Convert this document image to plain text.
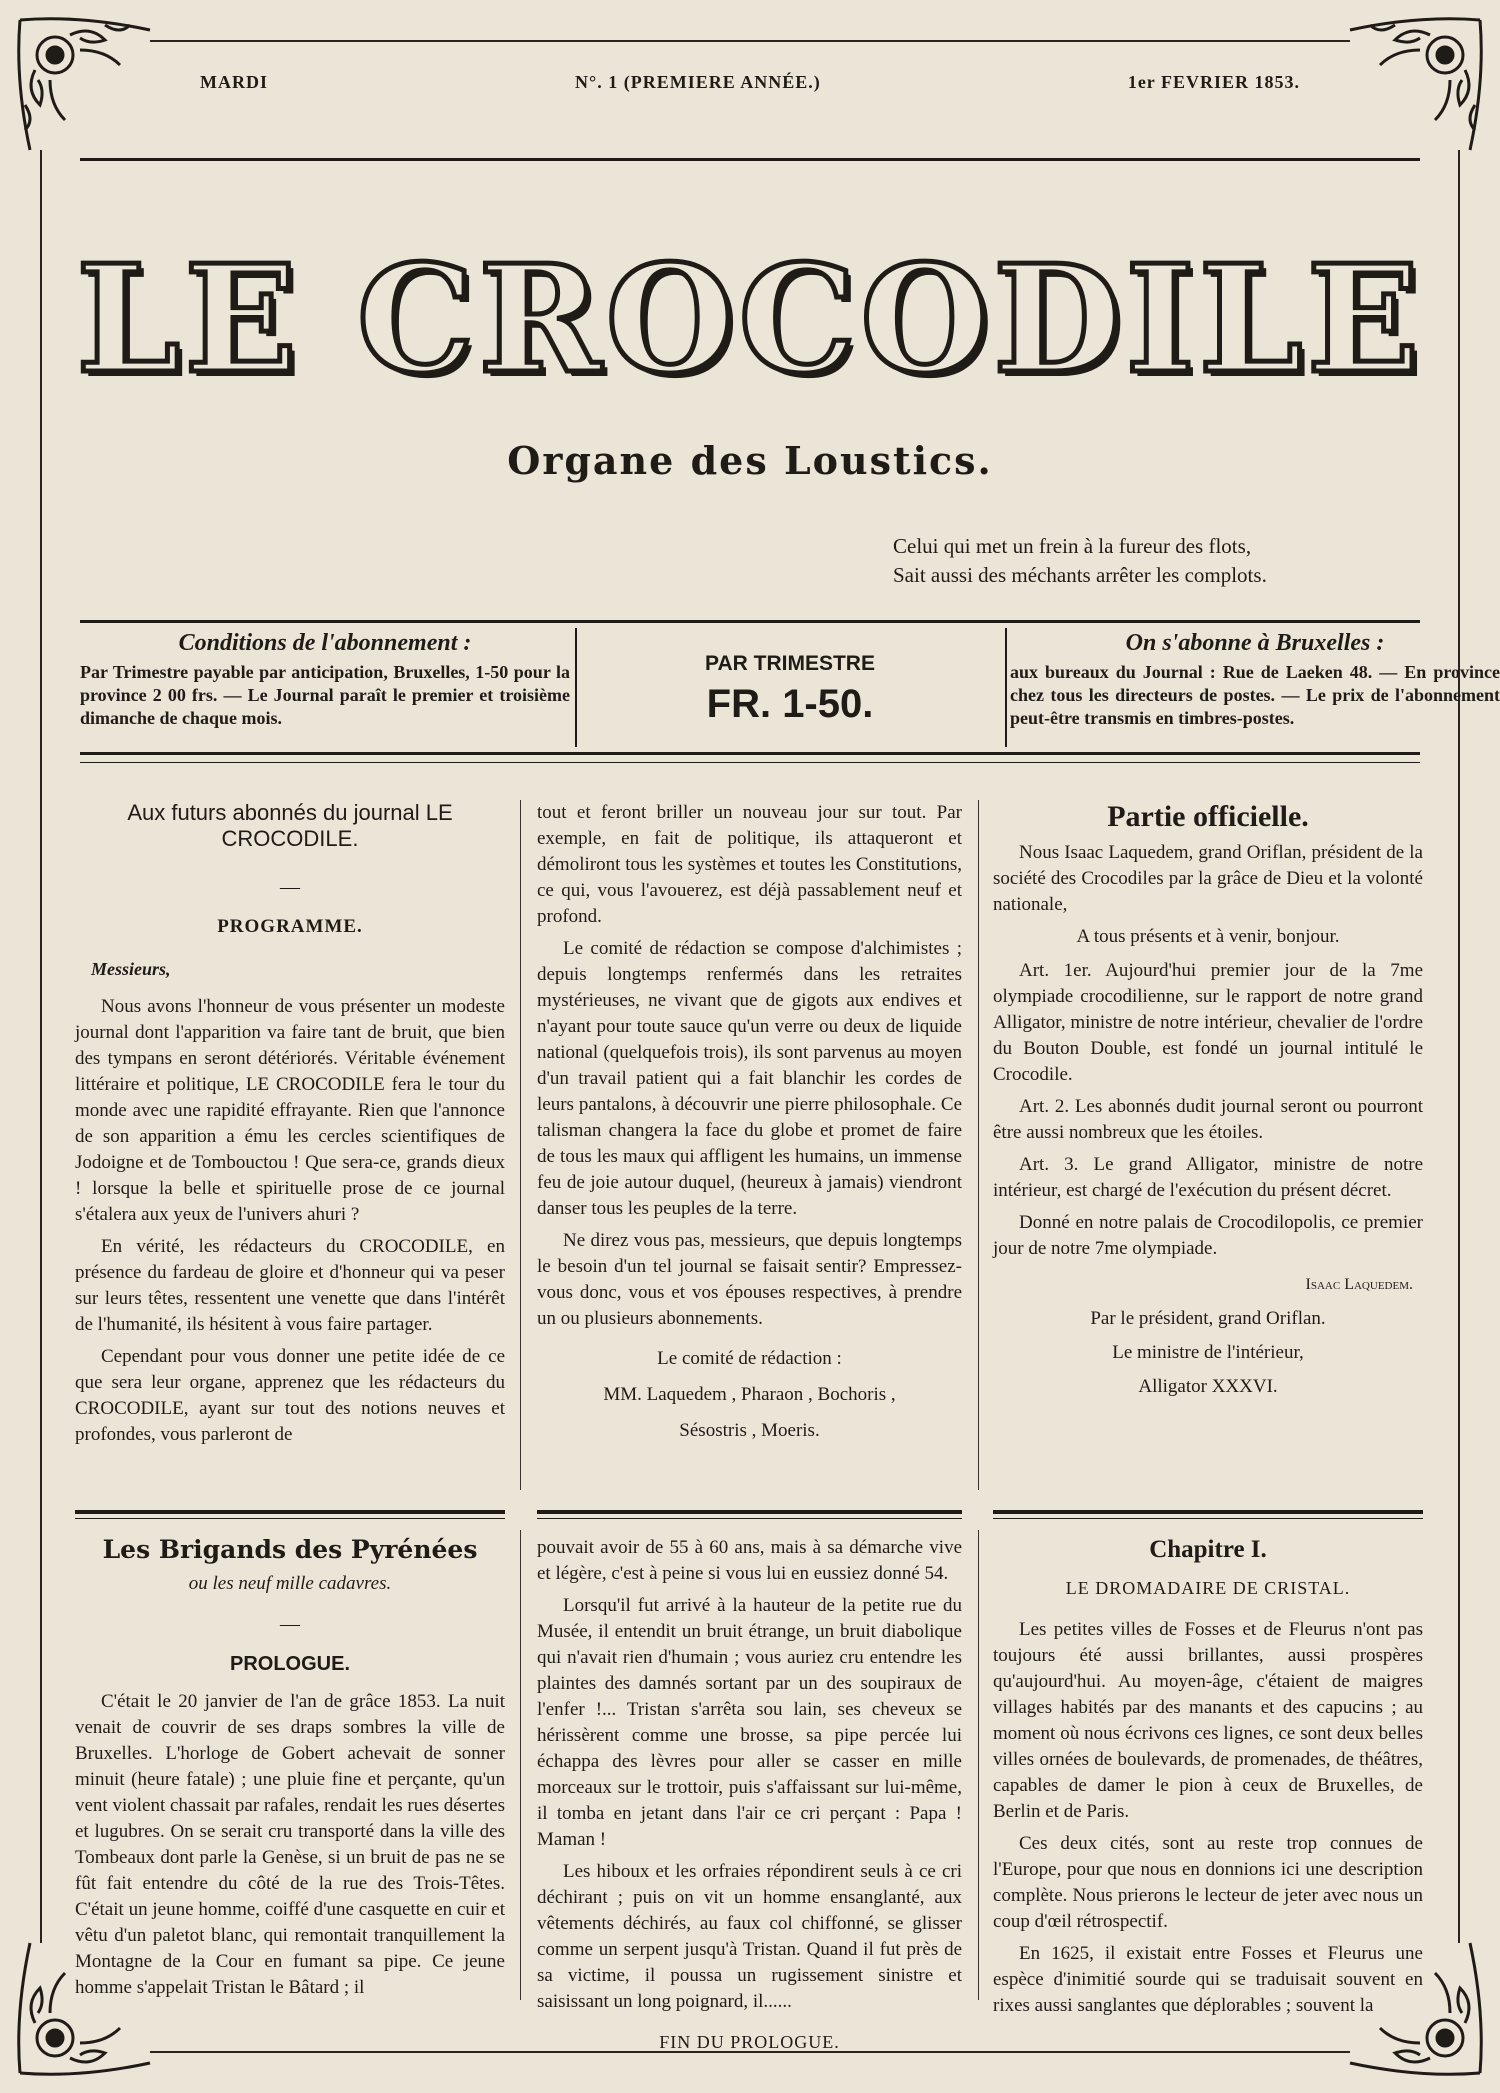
MARDI	N°. 1 (PREMIERE ANNÉE.)	1er FEVRIER 1853.
LE CROCODILE
Organe des Loustics.
Celui qui met un frein à la fureur des flots,
Sait aussi des méchants arrêter les complots.
Conditions de l'abonnement :
Par Trimestre payable par anticipation, Bruxelles, 1-50 pour la province 2 00 frs. — Le Journal paraît le premier et troisième dimanche de chaque mois.
PAR TRIMESTRE
FR. 1-50.
On s'abonne à Bruxelles :
aux bureaux du Journal : Rue de Laeken 48. — En province chez tous les directeurs de postes. — Le prix de l'abonnement peut-être transmis en timbres-postes.
Aux futurs abonnés du journal LE CROCODILE.
—
PROGRAMME.
Messieurs,

Nous avons l'honneur de vous présenter un modeste journal dont l'apparition va faire tant de bruit, que bien des tympans en seront détériorés. Véritable événement littéraire et politique, LE CROCODILE fera le tour du monde avec une rapidité effrayante. Rien que l'annonce de son apparition a ému les cercles scientifiques de Jodoigne et de Tombouctou ! Que sera-ce, grands dieux ! lorsque la belle et spirituelle prose de ce journal s'étalera aux yeux de l'univers ahuri ?

En vérité, les rédacteurs du CROCODILE, en présence du fardeau de gloire et d'honneur qui va peser sur leurs têtes, ressentent une venette que dans l'intérêt de l'humanité, ils hésitent à vous faire partager.

Cependant pour vous donner une petite idée de ce que sera leur organe, apprenez que les rédacteurs du CROCODILE, ayant sur tout des notions neuves et profondes, vous parleront de

tout et feront briller un nouveau jour sur tout. Par exemple, en fait de politique, ils attaqueront et démoliront tous les systèmes et toutes les Constitutions, ce qui, vous l'avouerez, est déjà passablement neuf et profond.

Le comité de rédaction se compose d'alchimistes ; depuis longtemps renfermés dans les retraites mystérieuses, ne vivant que de gigots aux endives et n'ayant pour toute sauce qu'un verre ou deux de liquide national (quelquefois trois), ils sont parvenus au moyen d'un travail patient qui a fait blanchir les cordes de leurs pantalons, à découvrir une pierre philosophale. Ce talisman changera la face du globe et promet de faire de tous les maux qui affligent les humains, un immense feu de joie autour duquel, (heureux à jamais) viendront danser tous les peuples de la terre.

Ne direz vous pas, messieurs, que depuis longtemps le besoin d'un tel journal se faisait sentir? Empressez-vous donc, vous et vos épouses respectives, à prendre un ou plusieurs abonnements.

Le comité de rédaction :
MM. Laquedem , Pharaon , Bochoris ,
Sésostris , Moeris.
Partie officielle.

Nous Isaac Laquedem, grand Oriflan, président de la société des Crocodiles par la grâce de Dieu et la volonté nationale,

A tous présents et à venir, bonjour.

Art. 1er. Aujourd'hui premier jour de la 7me olympiade crocodilienne, sur le rapport de notre grand Alligator, ministre de notre intérieur, chevalier de l'ordre du Bouton Double, est fondé un journal intitulé le Crocodile.

Art. 2. Les abonnés dudit journal seront ou pourront être aussi nombreux que les étoiles.

Art. 3. Le grand Alligator, ministre de notre intérieur, est chargé de l'exécution du présent décret.

Donné en notre palais de Crocodilopolis, ce premier jour de notre 7me olympiade.

Isaac Laquedem.
Par le président, grand Oriflan.
Le ministre de l'intérieur,
Alligator XXXVI.
Les Brigands des Pyrénées
ou les neuf mille cadavres.
—
PROLOGUE.

C'était le 20 janvier de l'an de grâce 1853. La nuit venait de couvrir de ses draps sombres la ville de Bruxelles. L'horloge de Gobert achevait de sonner minuit (heure fatale) ; une pluie fine et perçante, qu'un vent violent chassait par rafales, rendait les rues désertes et lugubres. On se serait cru transporté dans la ville des Tombeaux dont parle la Genèse, si un bruit de pas ne se fût fait entendre du côté de la rue des Trois-Têtes. C'était un jeune homme, coiffé d'une casquette en cuir et vêtu d'un paletot blanc, qui remontait tranquillement la Montagne de la Cour en fumant sa pipe. Ce jeune homme s'appelait Tristan le Bâtard ; il

pouvait avoir de 55 à 60 ans, mais à sa démarche vive et légère, c'est à peine si vous lui en eussiez donné 54.

Lorsqu'il fut arrivé à la hauteur de la petite rue du Musée, il entendit un bruit étrange, un bruit diabolique qui n'avait rien d'humain ; vous auriez cru entendre les plaintes des damnés sortant par un des soupiraux de l'enfer !... Tristan s'arrêta sou lain, ses cheveux se hérissèrent comme une brosse, sa pipe percée lui échappa des lèvres pour aller se casser en mille morceaux sur le trottoir, puis s'affaissant sur lui-même, il tomba en jetant dans l'air ce cri perçant : Papa ! Maman !

Les hiboux et les orfraies répondirent seuls à ce cri déchirant ; puis on vit un homme ensanglanté, aux vêtements déchirés, au faux col chiffonné, se glisser comme un serpent jusqu'à Tristan. Quand il fut près de sa victime, il poussa un rugissement sinistre et saisissant un long poignard, il......

FIN DU PROLOGUE.
Chapitre I.
LE DROMADAIRE DE CRISTAL.

Les petites villes de Fosses et de Fleurus n'ont pas toujours été aussi brillantes, aussi prospères qu'aujourd'hui. Au moyen-âge, c'étaient de maigres villages habités par des manants et des capucins ; au moment où nous écrivons ces lignes, ce sont deux belles villes ornées de boulevards, de promenades, de théâtres, capables de damer le pion à ceux de Bruxelles, de Berlin et de Paris.

Ces deux cités, sont au reste trop connues de l'Europe, pour que nous en donnions ici une description complète. Nous prierons le lecteur de jeter avec nous un coup d'œil rétrospectif.

En 1625, il existait entre Fosses et Fleurus une espèce d'inimitié sourde qui se traduisait souvent en rixes aussi sanglantes que déplorables ; souvent la
